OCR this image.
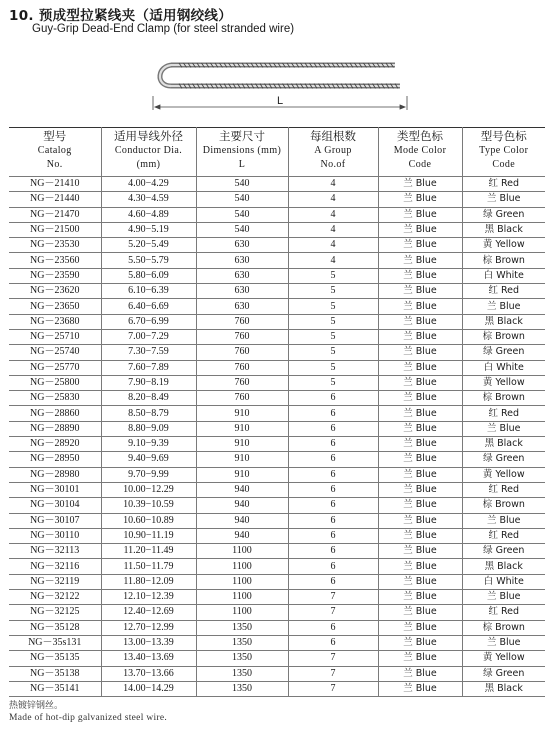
10. 预成型拉紧线夹（适用钢绞线）
Guy-Grip Dead-End Clamp (for steel stranded wire)
L
型号
Catalog
No.	适用导线外径
Conductor Dia.
(mm)	主要尺寸
Dimensions (mm)
L	每组根数
A Group
No.of	类型色标
Mode Color
Code	型号色标
Type Color
Code

NG－21410	4.00−4.29	540	4	兰 Blue	红 Red
NG－21440	4.30−4.59	540	4	兰 Blue	兰 Blue
NG－21470	4.60−4.89	540	4	兰 Blue	绿 Green
NG－21500	4.90−5.19	540	4	兰 Blue	黑 Black
NG－23530	5.20−5.49	630	4	兰 Blue	黄 Yellow
NG－23560	5.50−5.79	630	4	兰 Blue	棕 Brown
NG－23590	5.80−6.09	630	5	兰 Blue	白 White
NG－23620	6.10−6.39	630	5	兰 Blue	红 Red
NG－23650	6.40−6.69	630	5	兰 Blue	兰 Blue
NG－23680	6.70−6.99	760	5	兰 Blue	黑 Black
NG－25710	7.00−7.29	760	5	兰 Blue	棕 Brown
NG－25740	7.30−7.59	760	5	兰 Blue	绿 Green
NG－25770	7.60−7.89	760	5	兰 Blue	白 White
NG－25800	7.90−8.19	760	5	兰 Blue	黄 Yellow
NG－25830	8.20−8.49	760	6	兰 Blue	棕 Brown
NG－28860	8.50−8.79	910	6	兰 Blue	红 Red
NG－28890	8.80−9.09	910	6	兰 Blue	兰 Blue
NG－28920	9.10−9.39	910	6	兰 Blue	黑 Black
NG－28950	9.40−9.69	910	6	兰 Blue	绿 Green
NG－28980	9.70−9.99	910	6	兰 Blue	黄 Yellow
NG－30101	10.00−12.29	940	6	兰 Blue	红 Red
NG－30104	10.39−10.59	940	6	兰 Blue	棕 Brown
NG－30107	10.60−10.89	940	6	兰 Blue	兰 Blue
NG－30110	10.90−11.19	940	6	兰 Blue	红 Red
NG－32113	11.20−11.49	1100	6	兰 Blue	绿 Green
NG－32116	11.50−11.79	1100	6	兰 Blue	黑 Black
NG－32119	11.80−12.09	1100	6	兰 Blue	白 White
NG－32122	12.10−12.39	1100	7	兰 Blue	兰 Blue
NG－32125	12.40−12.69	1100	7	兰 Blue	红 Red
NG－35128	12.70−12.99	1350	6	兰 Blue	棕 Brown
NG－35s131	13.00−13.39	1350	6	兰 Blue	兰 Blue
NG－35135	13.40−13.69	1350	7	兰 Blue	黄 Yellow
NG－35138	13.70−13.66	1350	7	兰 Blue	绿 Green
NG－35141	14.00−14.29	1350	7	兰 Blue	黑 Black
热镀锌钢丝。
Made of hot-dip galvanized steel wire.
